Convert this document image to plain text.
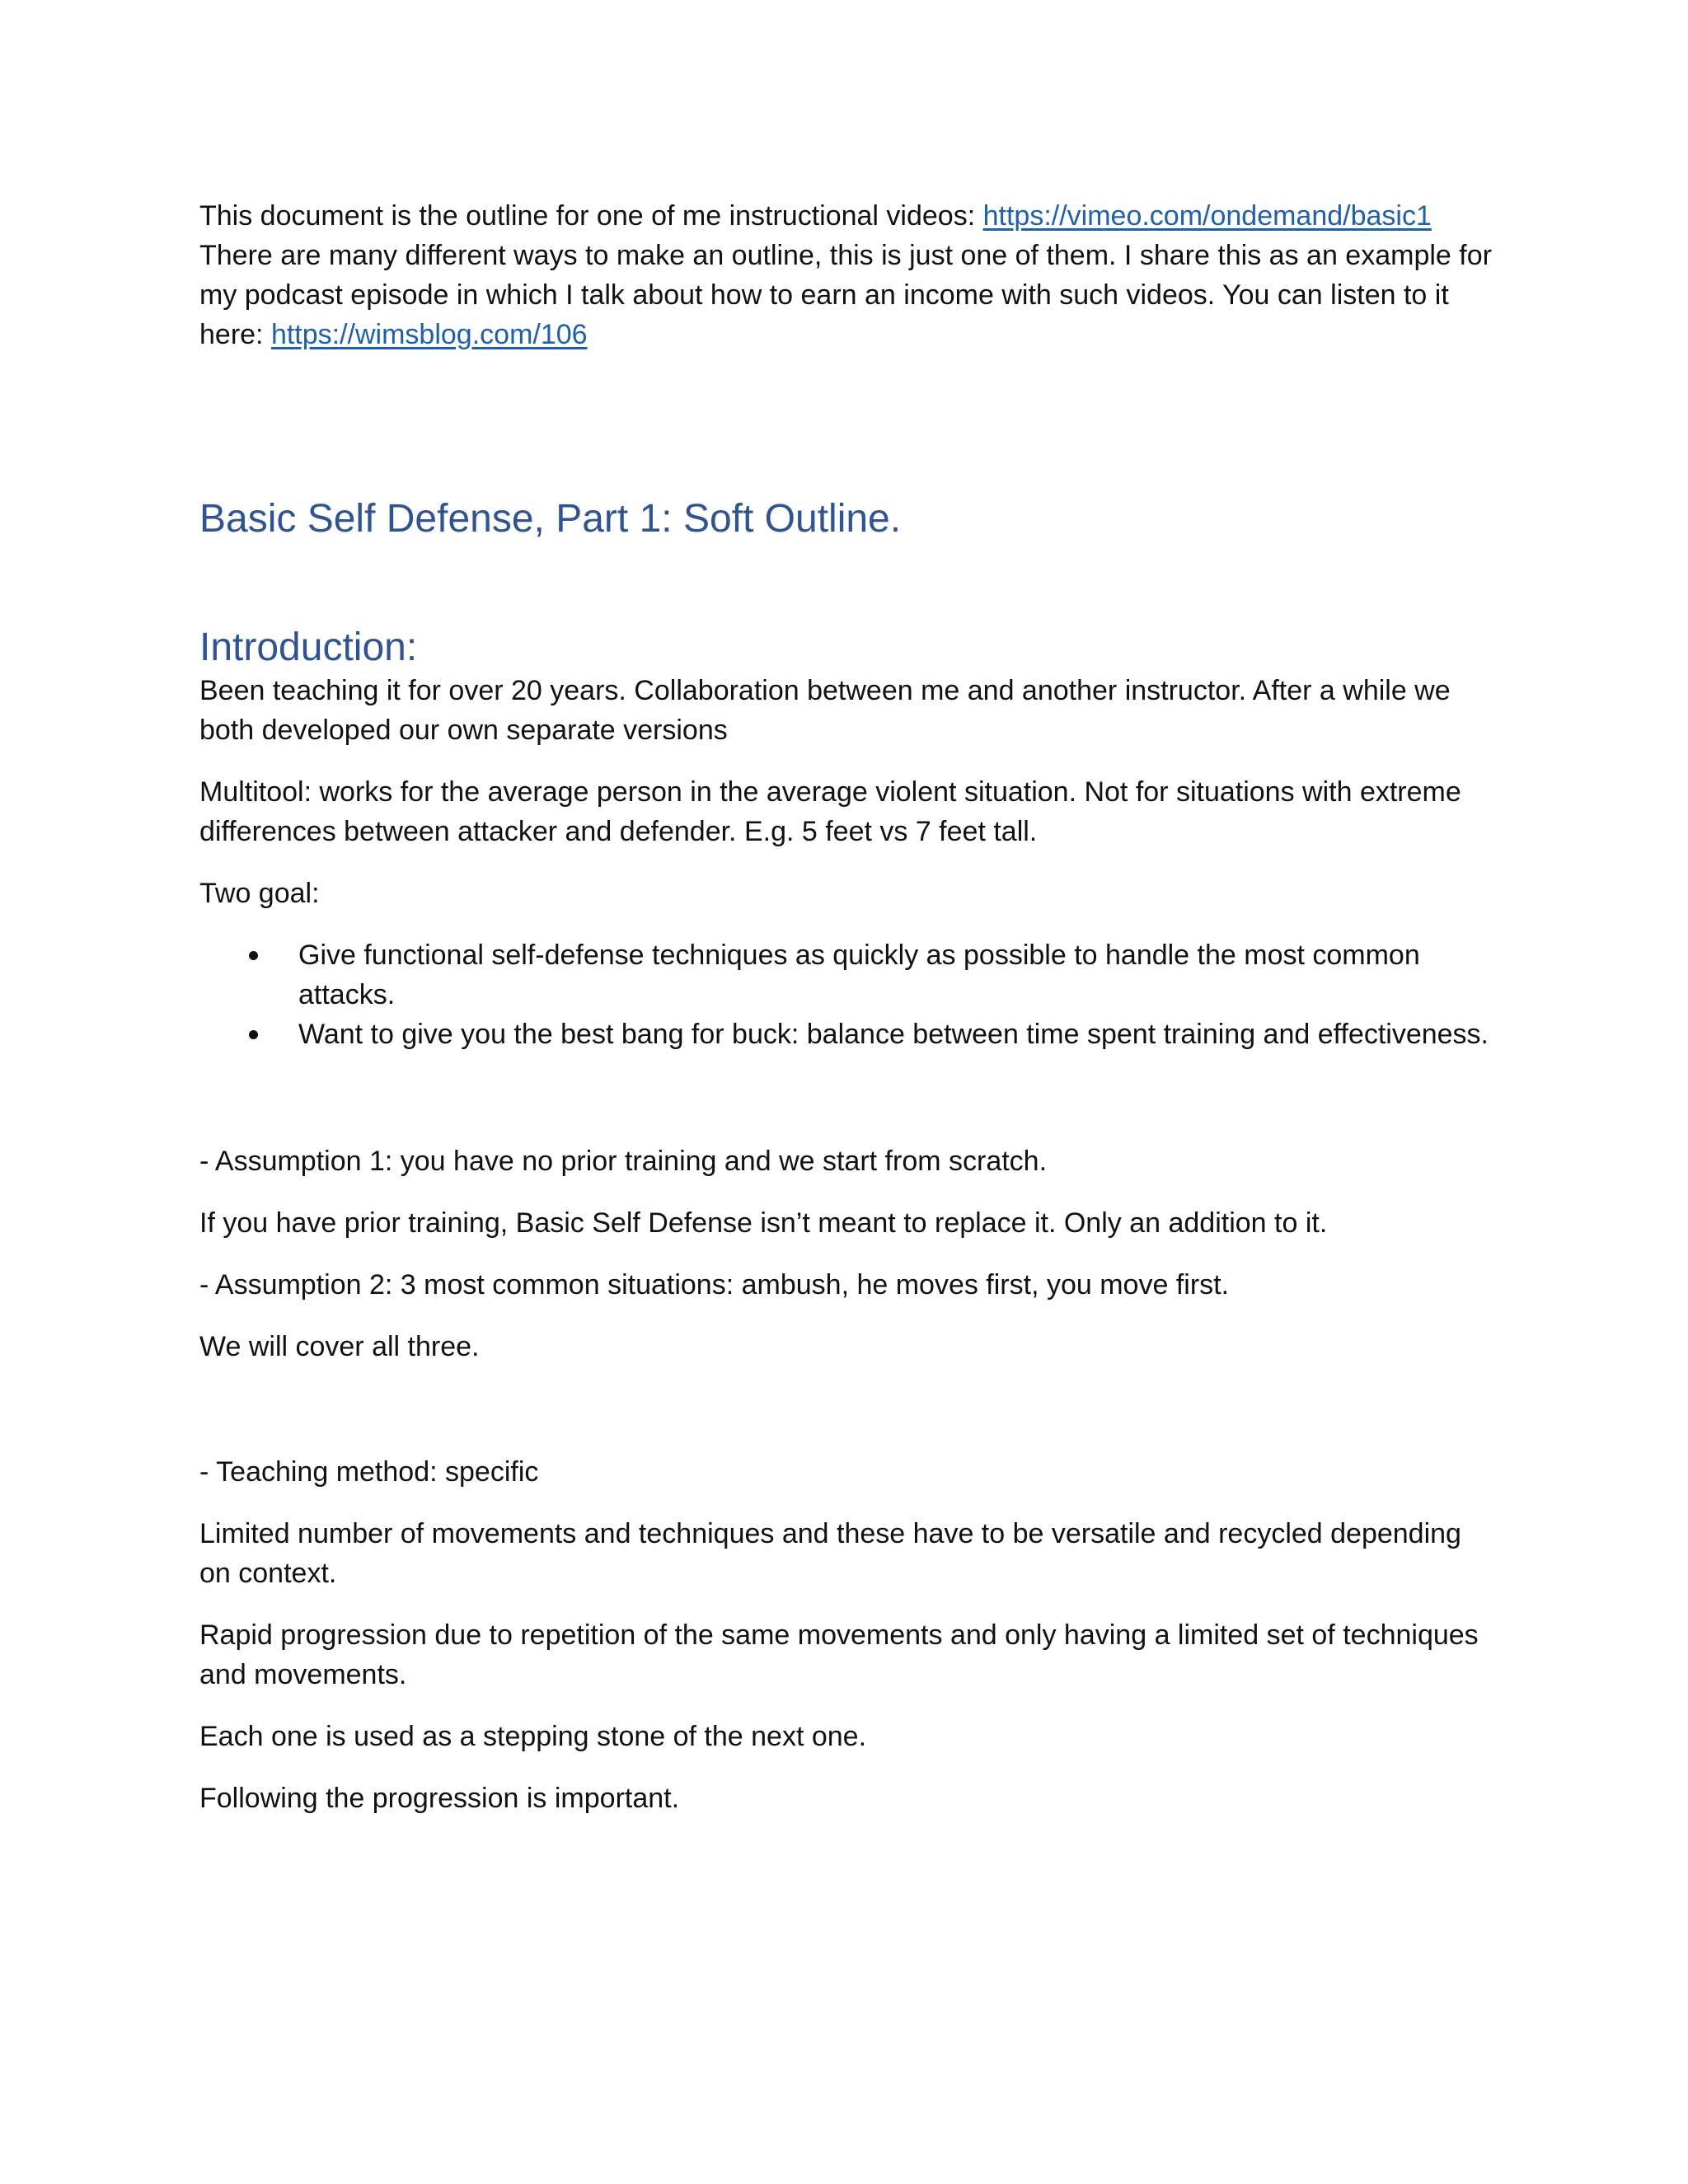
This document is the outline for one of me instructional videos: https://vimeo.com/ondemand/basic1
There are many different ways to make an outline, this is just one of them. I share this as an example for my podcast episode in which I talk about how to earn an income with such videos. You can listen to it here: https://wimsblog.com/106

Basic Self Defense, Part 1: Soft Outline.
Introduction:

Been teaching it for over 20 years. Collaboration between me and another instructor. After a while we both developed our own separate versions

Multitool: works for the average person in the average violent situation. Not for situations with extreme differences between attacker and defender. E.g. 5 feet vs 7 feet tall.

Two goal:

Give functional self-defense techniques as quickly as possible to handle the most common attacks.
Want to give you the best bang for buck: balance between time spent training and effectiveness.

- Assumption 1: you have no prior training and we start from scratch.

If you have prior training, Basic Self Defense isn’t meant to replace it. Only an addition to it.

- Assumption 2: 3 most common situations: ambush, he moves first, you move first.

We will cover all three.

- Teaching method: specific

Limited number of movements and techniques and these have to be versatile and recycled depending on context.

Rapid progression due to repetition of the same movements and only having a limited set of techniques and movements.

Each one is used as a stepping stone of the next one.

Following the progression is important.
